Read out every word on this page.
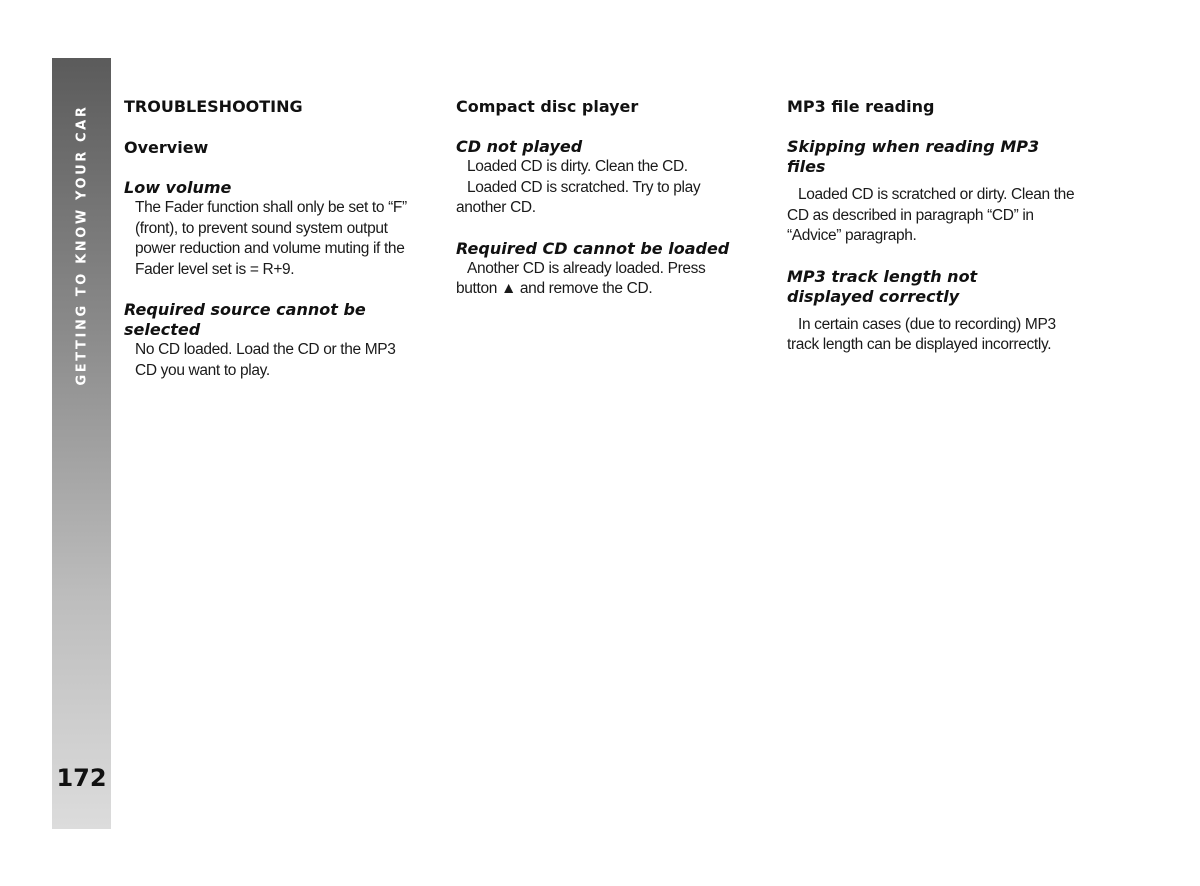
GETTING TO KNOW YOUR CAR
172
TROUBLESHOOTING
Overview
Low volume
The Fader function shall only be set to “F” (front), to prevent sound system output power reduction and volume muting if the Fader level set is = R+9.
Required source cannot be selected
No CD loaded. Load the CD or the MP3 CD you want to play.
Compact disc player
CD not played
Loaded CD is dirty. Clean the CD.
Loaded CD is scratched. Try to play another CD.
Required CD cannot be loaded
Another CD is already loaded. Press button ▲ and remove the CD.
MP3 file reading
Skipping when reading MP3 files
Loaded CD is scratched or dirty. Clean the CD as described in paragraph “CD” in “Advice” paragraph.
MP3 track length not displayed correctly
In certain cases (due to recording) MP3 track length can be displayed incorrectly.
